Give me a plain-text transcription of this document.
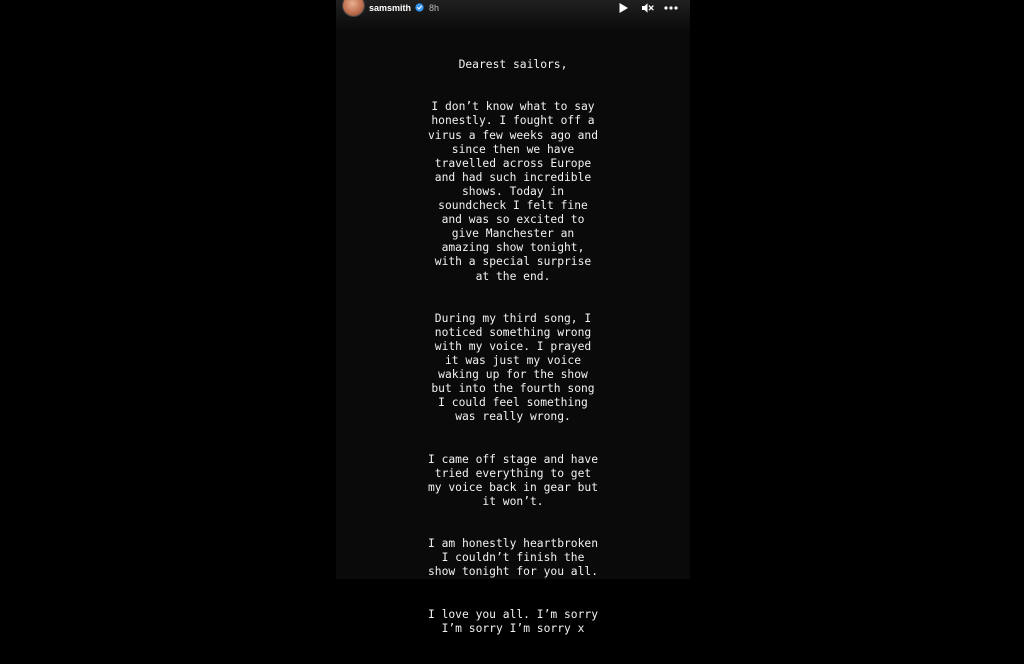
samsmith 8h

Dearest sailors,

I don’t know what to say
honestly. I fought off a
virus a few weeks ago and
since then we have
travelled across Europe
and had such incredible
shows. Today in
soundcheck I felt fine
and was so excited to
give Manchester an
amazing show tonight,
with a special surprise
at the end.

During my third song, I
noticed something wrong
with my voice. I prayed
it was just my voice
waking up for the show
but into the fourth song
I could feel something
was really wrong.

I came off stage and have
tried everything to get
my voice back in gear but
it won’t.

I am honestly heartbroken
I couldn’t finish the
show tonight for you all.

I love you all. I’m sorry
I’m sorry I’m sorry x
